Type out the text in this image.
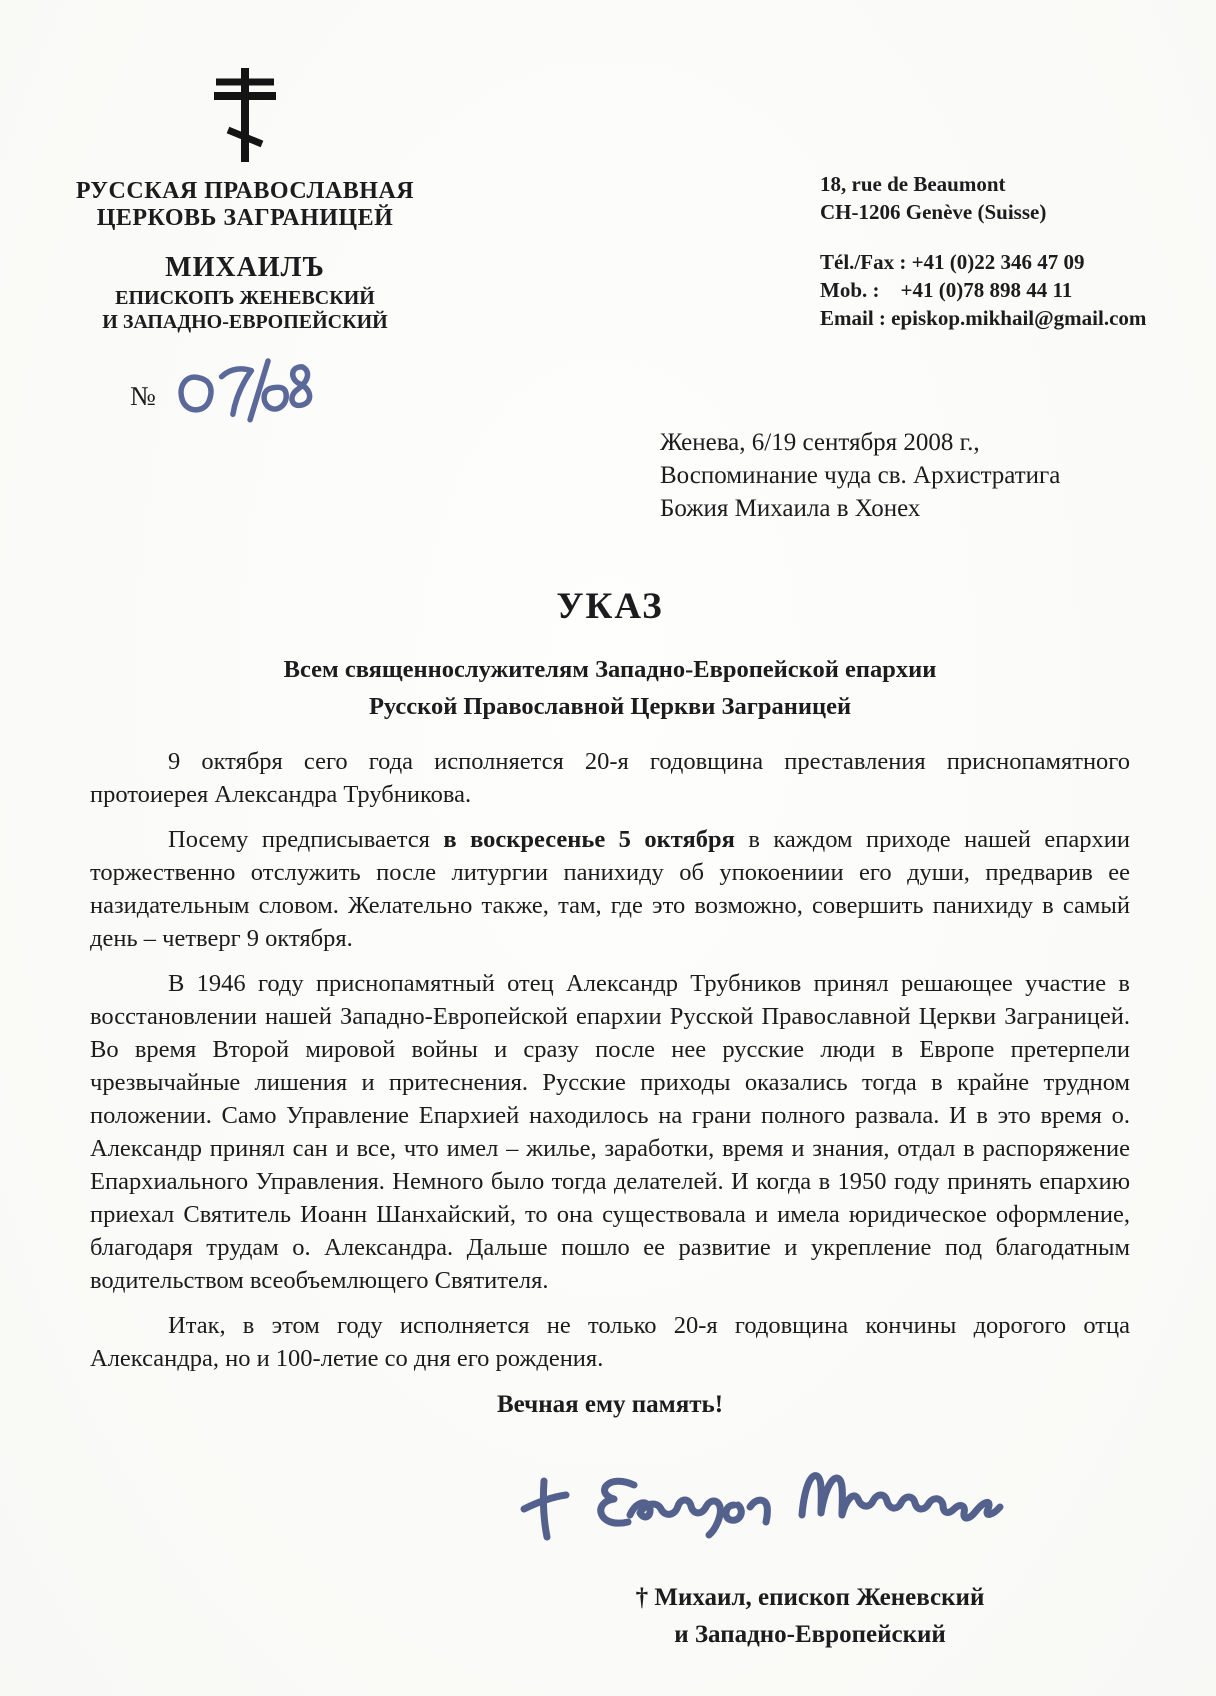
РУССКАЯ ПРАВОСЛАВНАЯ
ЦЕРКОВЬ ЗАГРАНИЦЕЙ
МИХАИЛЪ
ЕПИСКОПЪ ЖЕНЕВСКИЙ
И ЗАПАДНО-ЕВРОПЕЙСКИЙ
18, rue de Beaumont
CH-1206 Genève (Suisse)
Tél./Fax : +41 (0)22 346 47 09
Mob. :    +41 (0)78 898 44 11
Email : episkop.mikhail@gmail.com
№
Женева, 6/19 сентября 2008 г.,
Воспоминание чуда св. Архистратига
Божия Михаила в Хонех
УКАЗ
Всем священнослужителям Западно-Европейской епархии
Русской Православной Церкви Заграницей

9 октября сего года исполняется 20-я годовщина преставления приснопамятного протоиерея Александра Трубникова.

Посему предписывается в воскресенье 5 октября в каждом приходе нашей епархии торжественно отслужить после литургии панихиду об упокоениии его души, предварив ее назидательным словом. Желательно также, там, где это возможно, совершить панихиду в самый день – четверг 9 октября.

В 1946 году приснопамятный отец Александр Трубников принял решающее участие в восстановлении нашей Западно-Европейской епархии Русской Православной Церкви Заграницей. Во время Второй мировой войны и сразу после нее русские люди в Европе претерпели чрезвычайные лишения и притеснения. Русские приходы оказались тогда в крайне трудном положении. Само Управление Епархией находилось на грани полного развала. И в это время о. Александр принял сан и все, что имел – жилье, заработки, время и знания, отдал в распоряжение Епархиального Управления. Немного было тогда делателей. И когда в 1950 году принять епархию приехал Святитель Иоанн Шанхайский, то она существовала и имела юридическое оформление, благодаря трудам о. Александра. Дальше пошло ее развитие и укрепление под благодатным водительством всеобъемлющего Святителя.

Итак, в этом году исполняется не только 20-я годовщина кончины дорогого отца Александра, но и 100-летие со дня его рождения.

Вечная ему память!
† Михаил, епископ Женевский
и Западно-Европейский
